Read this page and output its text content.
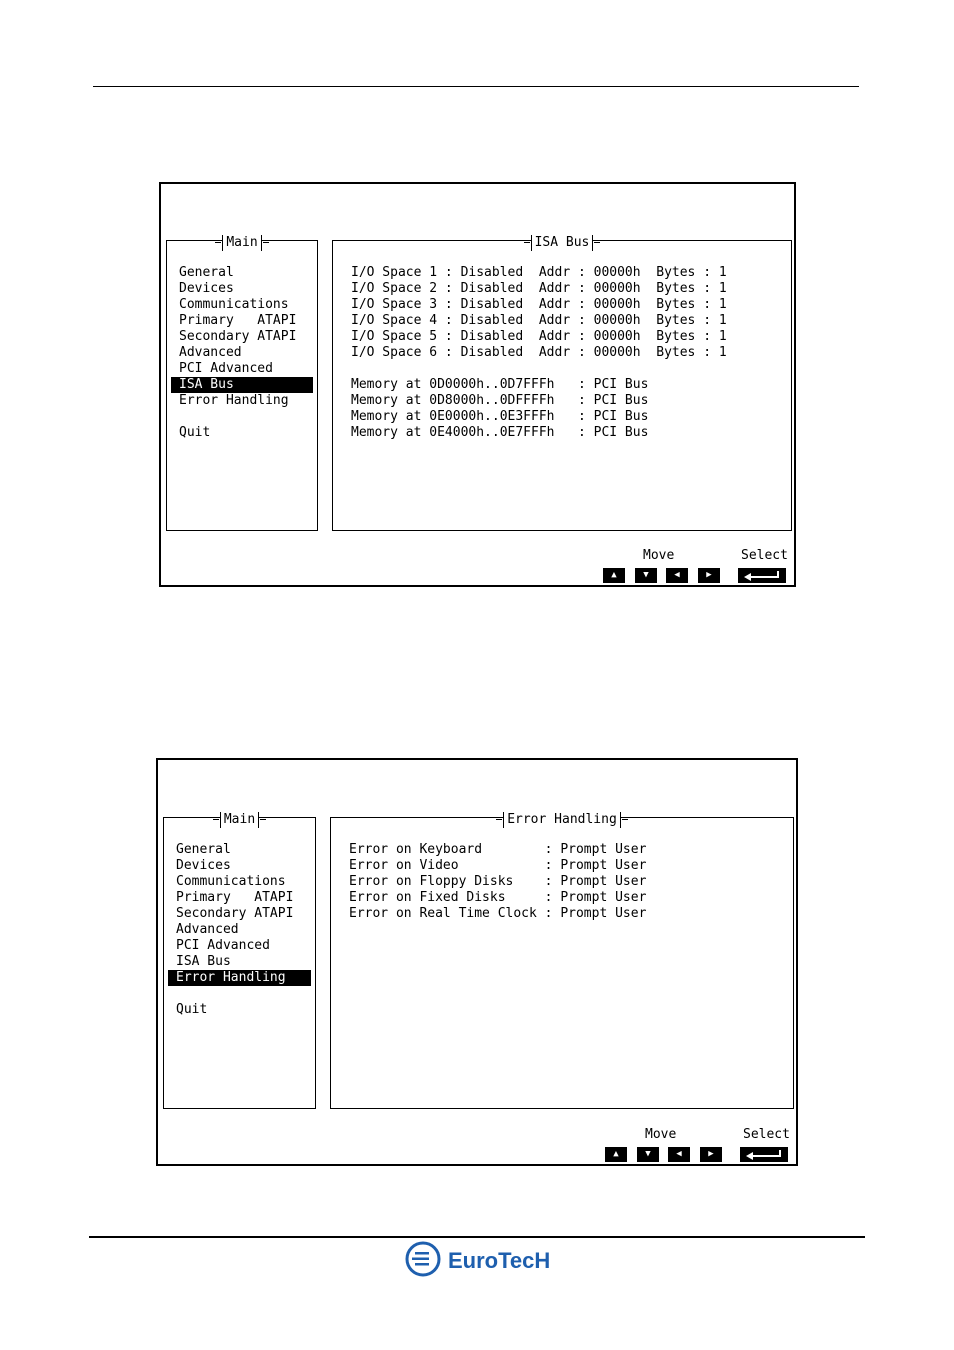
Main
General
Devices
Communications
Primary   ATAPI
Secondary ATAPI
Advanced
PCI Advanced
ISA Bus
Error Handling
Quit
ISA Bus
I/O Space 1 : Disabled  Addr : 00000h  Bytes : 1
I/O Space 2 : Disabled  Addr : 00000h  Bytes : 1
I/O Space 3 : Disabled  Addr : 00000h  Bytes : 1
I/O Space 4 : Disabled  Addr : 00000h  Bytes : 1
I/O Space 5 : Disabled  Addr : 00000h  Bytes : 1
I/O Space 6 : Disabled  Addr : 00000h  Bytes : 1
Memory at 0D0000h..0D7FFFh   : PCI Bus
Memory at 0D8000h..0DFFFFh   : PCI Bus
Memory at 0E0000h..0E3FFFh   : PCI Bus
Memory at 0E4000h..0E7FFFh   : PCI Bus
Move	Select
▲	▼	◀	▶
Main
General
Devices
Communications
Primary   ATAPI
Secondary ATAPI
Advanced
PCI Advanced
ISA Bus
Error Handling
Quit
Error Handling
Error on Keyboard        : Prompt User
Error on Video           : Prompt User
Error on Floppy Disks    : Prompt User
Error on Fixed Disks     : Prompt User
Error on Real Time Clock : Prompt User
Move	Select
▲	▼	◀	▶
EuroTecH
